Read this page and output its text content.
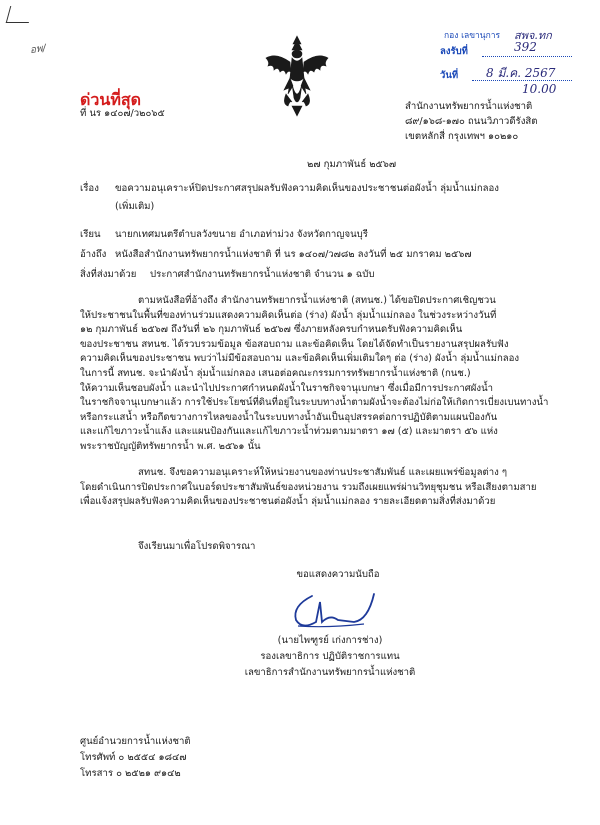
อพ/
กอง เลขานุการ สพจ.ทก
ลงรับที่	392
วันที่ 8 มี.ค. 2567
10.00
ด่วนที่สุด
ที่ นร ๑๔๐๗/ว๒๐๖๕
สำนักงานทรัพยากรน้ำแห่งชาติ
๘๙/๑๖๘-๑๗๐ ถนนวิภาวดีรังสิต
เขตหลักสี่ กรุงเทพฯ ๑๐๒๑๐
๒๗ กุมภาพันธ์ ๒๕๖๗
เรื่อง ขอความอนุเคราะห์ปิดประกาศสรุปผลรับฟังความคิดเห็นของประชาชนต่อผังน้ำ ลุ่มน้ำแม่กลอง
(เพิ่มเติม)
เรียน นายกเทศมนตรีตำบลวังขนาย อำเภอท่าม่วง จังหวัดกาญจนบุรี
อ้างถึง หนังสือสำนักงานทรัพยากรน้ำแห่งชาติ ที่ นร ๑๔๐๗/ว๗๘๒ ลงวันที่ ๒๕ มกราคม ๒๕๖๗
สิ่งที่ส่งมาด้วย ประกาศสำนักงานทรัพยากรน้ำแห่งชาติ จำนวน ๑ ฉบับ
ตามหนังสือที่อ้างถึง สำนักงานทรัพยากรน้ำแห่งชาติ (สทนช.) ได้ขอปิดประกาศเชิญชวน
ให้ประชาชนในพื้นที่ของท่านร่วมแสดงความคิดเห็นต่อ (ร่าง) ผังน้ำ ลุ่มน้ำแม่กลอง ในช่วงระหว่างวันที่
๑๒ กุมภาพันธ์ ๒๕๖๗ ถึงวันที่ ๒๖ กุมภาพันธ์ ๒๕๖๗ ซึ่งภายหลังครบกำหนดรับฟังความคิดเห็น
ของประชาชน สทนช. ได้รวบรวมข้อมูล ข้อสอบถาม และข้อคิดเห็น โดยได้จัดทำเป็นรายงานสรุปผลรับฟัง
ความคิดเห็นของประชาชน พบว่าไม่มีข้อสอบถาม และข้อคิดเห็นเพิ่มเติมใดๆ ต่อ (ร่าง) ผังน้ำ ลุ่มน้ำแม่กลอง
ในการนี้ สทนช. จะนำผังน้ำ ลุ่มน้ำแม่กลอง เสนอต่อคณะกรรมการทรัพยากรน้ำแห่งชาติ (กนช.)
ให้ความเห็นชอบผังน้ำ และนำไปประกาศกำหนดผังน้ำในราชกิจจานุเบกษา ซึ่งเมื่อมีการประกาศผังน้ำ
ในราชกิจจานุเบกษาแล้ว การใช้ประโยชน์ที่ดินที่อยู่ในระบบทางน้ำตามผังน้ำจะต้องไม่ก่อให้เกิดการเบี่ยงเบนทางน้ำ
หรือกระแสน้ำ หรือกีดขวางการไหลของน้ำในระบบทางน้ำอันเป็นอุปสรรคต่อการปฏิบัติตามแผนป้องกัน
และแก้ไขภาวะน้ำแล้ง และแผนป้องกันและแก้ไขภาวะน้ำท่วมตามมาตรา ๑๗ (๕) และมาตรา ๕๖ แห่ง
พระราชบัญญัติทรัพยากรน้ำ พ.ศ. ๒๕๖๑ นั้น
สทนช. จึงขอความอนุเคราะห์ให้หน่วยงานของท่านประชาสัมพันธ์ และเผยแพร่ข้อมูลต่าง ๆ
โดยดำเนินการปิดประกาศในบอร์ดประชาสัมพันธ์ของหน่วยงาน รวมถึงเผยแพร่ผ่านวิทยุชุมชน หรือเสียงตามสาย
เพื่อแจ้งสรุปผลรับฟังความคิดเห็นของประชาชนต่อผังน้ำ ลุ่มน้ำแม่กลอง รายละเอียดตามสิ่งที่ส่งมาด้วย
จึงเรียนมาเพื่อโปรดพิจารณา
ขอแสดงความนับถือ
(นายไพฑูรย์ เก่งการช่าง)
รองเลขาธิการ ปฏิบัติราชการแทน
เลขาธิการสำนักงานทรัพยากรน้ำแห่งชาติ
ศูนย์อำนวยการน้ำแห่งชาติ
โทรศัพท์ ๐ ๒๕๕๔ ๑๘๔๗
โทรสาร ๐ ๒๕๒๑ ๙๑๔๒
